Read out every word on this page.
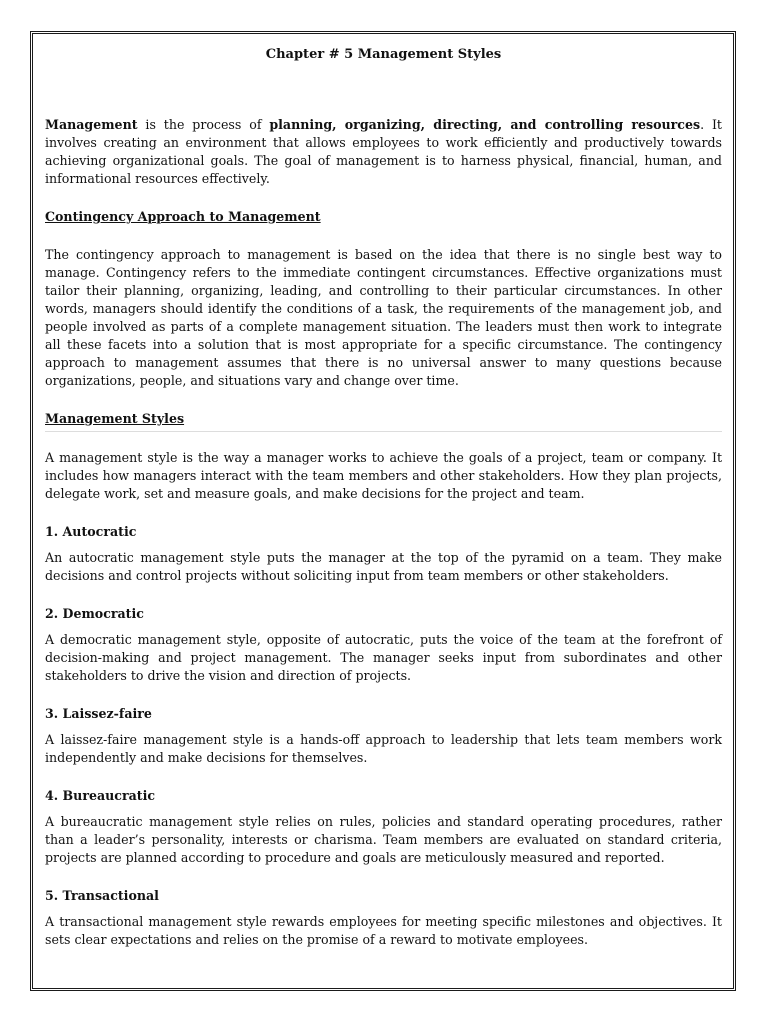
Chapter # 5 Management Styles

Management is the process of planning, organizing, directing, and controlling resources. It involves creating an environment that allows employees to work efficiently and productively towards achieving organizational goals. The goal of management is to harness physical, financial, human, and informational resources effectively.

Contingency Approach to Management

The contingency approach to management is based on the idea that there is no single best way to manage. Contingency refers to the immediate contingent circumstances. Effective organizations must tailor their planning, organizing, leading, and controlling to their particular circumstances. In other words, managers should identify the conditions of a task, the requirements of the management job, and people involved as parts of a complete management situation. The leaders must then work to integrate all these facets into a solution that is most appropriate for a specific circumstance. The contingency approach to management assumes that there is no universal answer to many questions because organizations, people, and situations vary and change over time.

Management Styles

A management style is the way a manager works to achieve the goals of a project, team or company. It includes how managers interact with the team members and other stakeholders. How they plan projects, delegate work, set and measure goals, and make decisions for the project and team.

1. Autocratic

An autocratic management style puts the manager at the top of the pyramid on a team. They make decisions and control projects without soliciting input from team members or other stakeholders.

2. Democratic

A democratic management style, opposite of autocratic, puts the voice of the team at the forefront of decision-making and project management. The manager seeks input from subordinates and other stakeholders to drive the vision and direction of projects.

3. Laissez-faire

A laissez-faire management style is a hands-off approach to leadership that lets team members work independently and make decisions for themselves.

4. Bureaucratic

A bureaucratic management style relies on rules, policies and standard operating procedures, rather than a leader’s personality, interests or charisma. Team members are evaluated on standard criteria, projects are planned according to procedure and goals are meticulously measured and reported.

5. Transactional

A transactional management style rewards employees for meeting specific milestones and objectives. It sets clear expectations and relies on the promise of a reward to motivate employees.
